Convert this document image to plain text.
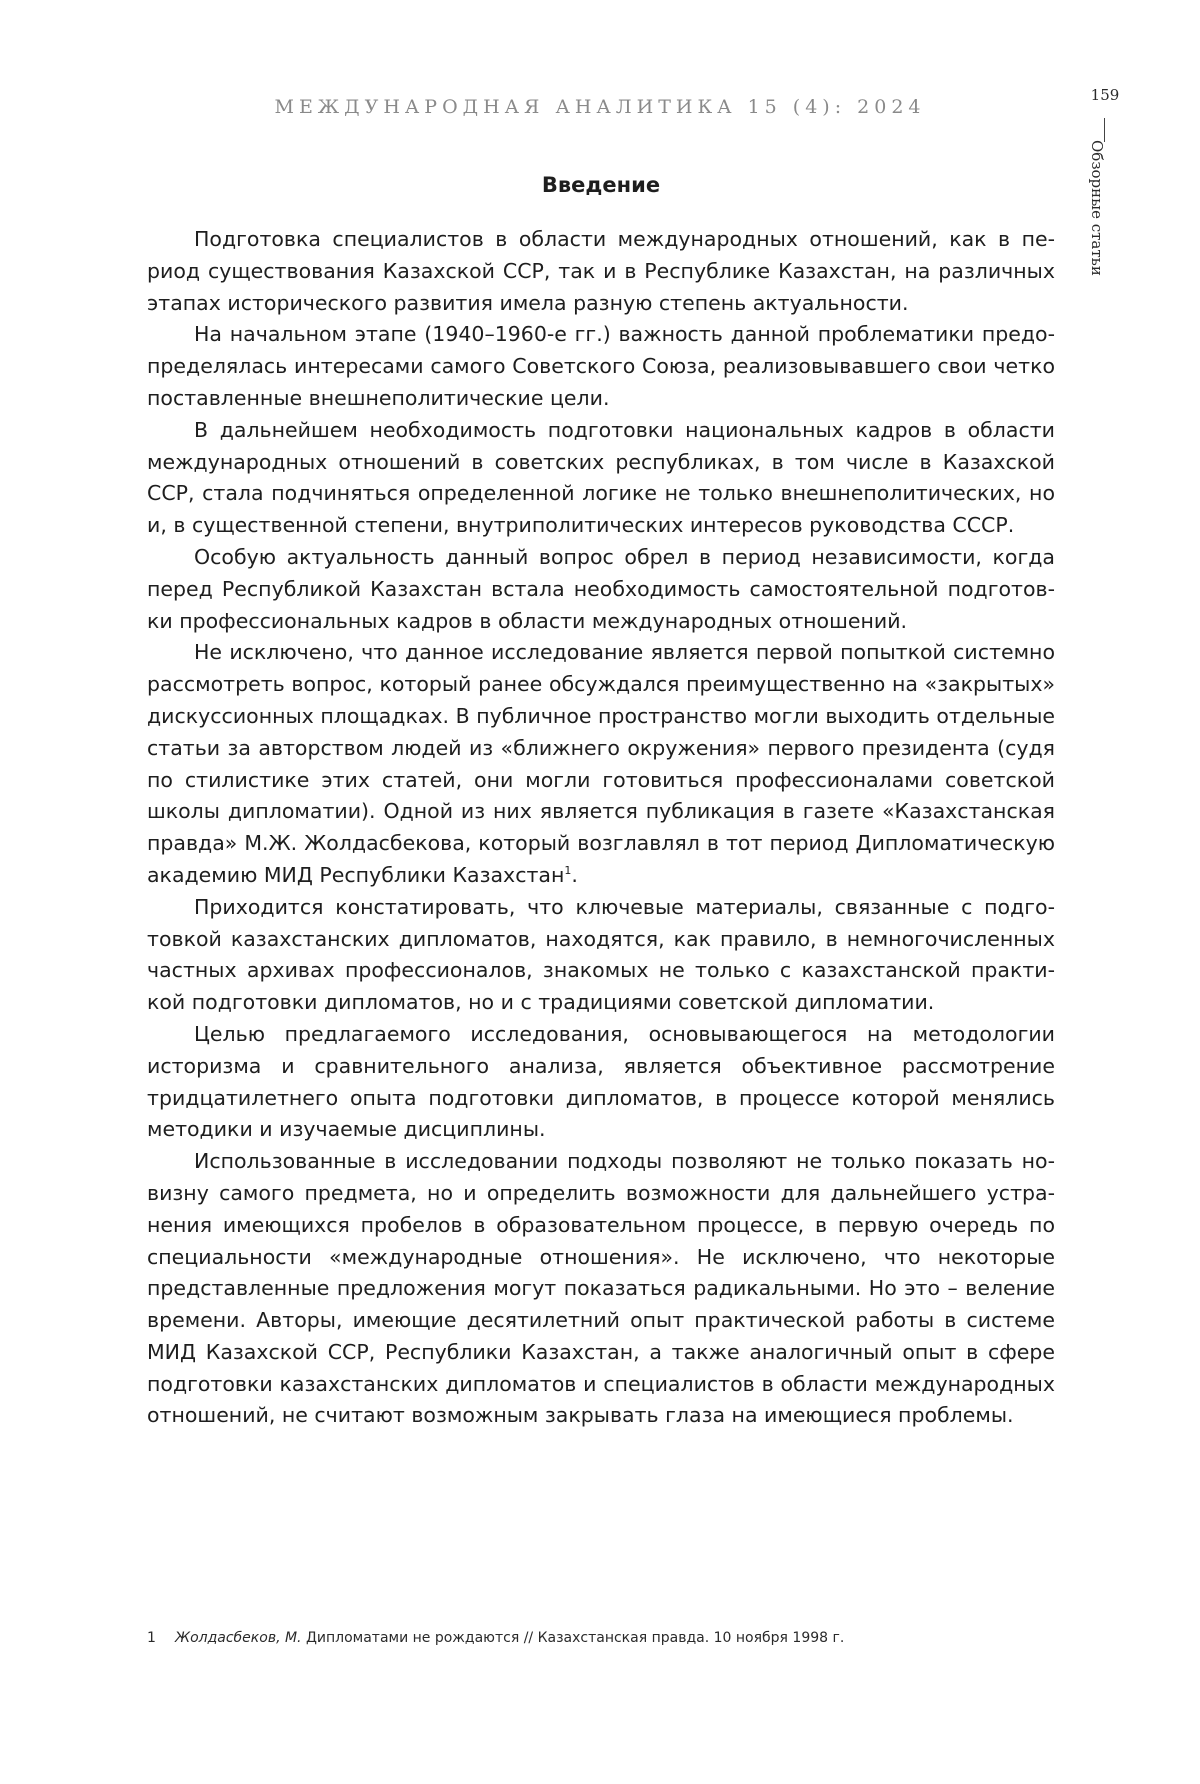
МЕЖДУНАРОДНАЯ АНАЛИТИКА 15 (4): 2024
159
Обзорные статьи
Введение

Подготовка специалистов в области международных отношений, как в период существования Казахской ССР, так и в Республике Казахстан, на различных этапах исторического развития имела разную степень актуальности.

На начальном этапе (1940–1960-е гг.) важность данной проблематики предопределялась интересами самого Советского Союза, реализовывавшего свои четко поставленные внешнеполитические цели.

В дальнейшем необходимость подготовки национальных кадров в области международных отношений в советских республиках, в том числе в Казахской ССР, стала подчиняться определенной логике не только внешнеполитических, но и, в существенной степени, внутриполитических интересов руководства СССР.

Особую актуальность данный вопрос обрел в период независимости, когда перед Республикой Казахстан встала необходимость самостоятельной подготовки профессиональных кадров в области международных отношений.

Не исключено, что данное исследование является первой попыткой системно рассмотреть вопрос, который ранее обсуждался преимущественно на «закрытых» дискуссионных площадках. В публичное пространство могли выходить отдельные статьи за авторством людей из «ближнего окружения» первого президента (судя по стилистике этих статей, они могли готовиться профессионалами советской школы дипломатии). Одной из них является публикация в газете «Казахстанская правда» М.Ж. Жолдасбекова, который возглавлял в тот период Дипломатическую академию МИД Республики Казахстан$^1$.

Приходится констатировать, что ключевые материалы, связанные с подготовкой казахстанских дипломатов, находятся, как правило, в немногочисленных частных архивах профессионалов, знакомых не только с казахстанской практикой подготовки дипломатов, но и с традициями советской дипломатии.

Целью предлагаемого исследования, основывающегося на методологии историзма и сравнительного анализа, является объективное рассмотрение тридцатилетнего опыта подготовки дипломатов, в процессе которой менялись методики и изучаемые дисциплины.

Использованные в исследовании подходы позволяют не только показать новизну самого предмета, но и определить возможности для дальнейшего устранения имеющихся пробелов в образовательном процессе, в первую очередь по специальности «международные отношения». Не исключено, что некоторые представленные предложения могут показаться радикальными. Но это – веление времени. Авторы, имеющие десятилетний опыт практической работы в системе МИД Казахской ССР, Республики Казахстан, а также аналогичный опыт в сфере подготовки казахстанских дипломатов и специалистов в области международных отношений, не считают возможным закрывать глаза на имеющиеся проблемы.

1 Жолдасбеков, М. Дипломатами не рождаются // Казахстанская правда. 10 ноября 1998 г.
